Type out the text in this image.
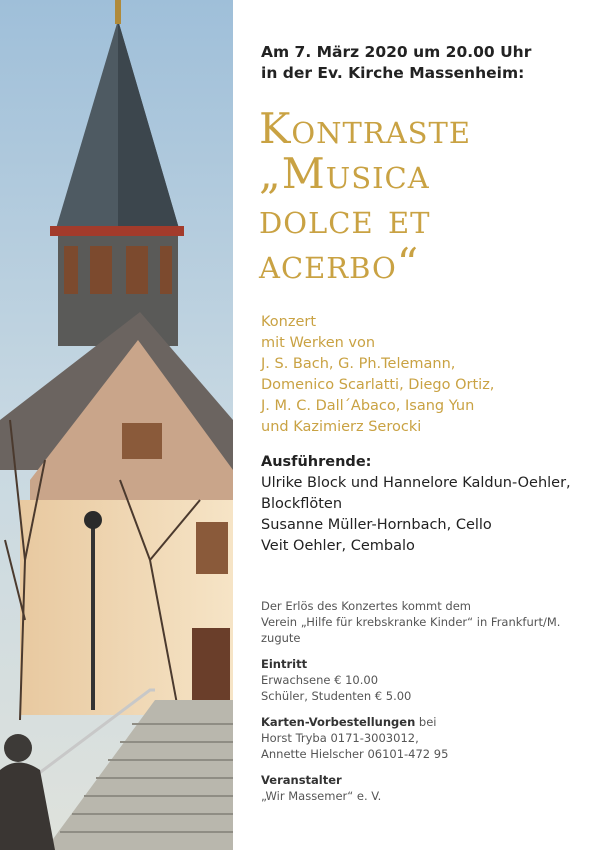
Am 7. März 2020 um 20.00 Uhr
in der Ev. Kirche Massenheim:
Kontraste
„Musica
dolce et
acerbo“
Konzert
mit Werken von
J. S. Bach, G. Ph.Telemann,
Domenico Scarlatti, Diego Ortiz,
J. M. C. Dall´Abaco, Isang Yun
und Kazimierz Serocki
Ausführende:
Ulrike Block und Hannelore Kaldun-Oehler,
Blockflöten
Susanne Müller-Hornbach, Cello
Veit Oehler, Cembalo
Der Erlös des Konzertes kommt dem
Verein „Hilfe für krebskranke Kinder“ in Frankfurt/M.
zugute
Eintritt
Erwachsene € 10.00
Schüler, Studenten € 5.00
Karten-Vorbestellungen bei
Horst Tryba 0171-3003012,
Annette Hielscher 06101-472 95
Veranstalter
„Wir Massemer“ e. V.
